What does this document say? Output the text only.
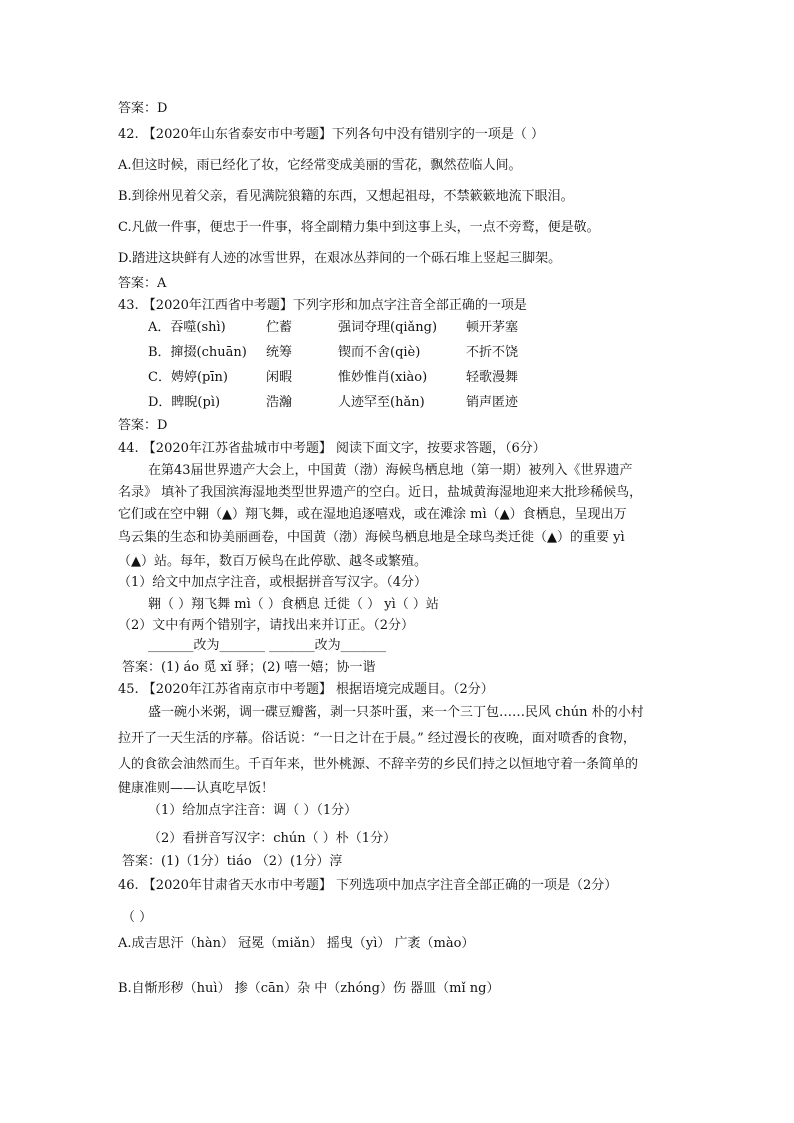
答案：D
42. 【2020年山东省泰安市中考题】下列各句中没有错别字的一项是（ ）
A.但这时候，雨已经化了妆，它经常变成美丽的雪花，飘然莅临人间。
B.到徐州见着父亲，看见满院狼籍的东西，又想起祖母，不禁簌簌地流下眼泪。
C.凡做一件事，便忠于一件事，将全副精力集中到这事上头，一点不旁鹜，便是敬。
D.踏进这块鲜有人迹的冰雪世界，在艰冰丛莽间的一个砾石堆上竖起三脚架。
答案：A
43. 【2020年江西省中考题】下列字形和加点字注音全部正确的一项是
A．吞噬(shì)	伫蓄	强词夺理(qiǎng) 顿开茅塞
B．撺掇(chuān) 统筹	锲而不舍(qiè)	不折不饶
C．娉婷(pīn)	闲暇	惟妙惟肖(xiào)	轻歌漫舞
D．睥睨(pì)	浩瀚	人迹罕至(hǎn)	销声匿迹
答案：D
44. 【2020年江苏省盐城市中考题】 阅读下面文字，按要求答题，（6分）
在第43届世界遗产大会上，中国黄（渤）海候鸟栖息地（第一期）被列入《世界遗产
名录》 填补了我国滨海湿地类型世界遗产的空白。近日，盐城黄海湿地迎来大批珍稀候鸟，
它们或在空中翱（▲）翔飞舞，或在湿地追逐嘻戏，或在滩涂 mì（▲）食栖息，呈现出万
鸟云集的生态和协美丽画卷，中国黄（渤）海候鸟栖息地是全球鸟类迁徙（▲）的重要 yì
（▲）站。每年，数百万候鸟在此停歇、越冬或繁殖。
（1）给文中加点字注音，或根据拼音写汉字。（4分）
翱（ ）翔飞舞 mì（ ）食栖息 迁徙（ ） yì（ ）站
（2）文中有两个错别字，请找出来并订正。（2分）
_______改为_______ _______改为_______
答案：(1) áo 觅 xǐ 驿；(2) 嘻一嬉；协一谐
45. 【2020年江苏省南京市中考题】 根据语境完成题目。（2分）
盛一碗小米粥，调一碟豆瓣酱，剥一只茶叶蛋，来一个三丁包……民风 chún 朴的小村
拉开了一天生活的序幕。俗话说：“一日之计在于晨。” 经过漫长的夜晚，面对喷香的食物，
人的食欲会油然而生。千百年来，世外桃源、不辞辛劳的乡民们持之以恒地守着一条简单的
健康准则——认真吃早饭！
（1）给加点字注音：调（ ）（1分）
（2）看拼音写汉字：chún（ ）朴（1分）
答案：(1)（1分）tiáo （2）(1分）淳
46. 【2020年甘肃省天水市中考题】 下列选项中加点字注音全部正确的一项是（2分）
（ ）
A.成吉思汗（hàn） 冠冕（miǎn） 摇曳（yì） 广袤（mào）
B.自惭形秽（huì） 掺（cān）杂 中（zhóng）伤 器皿（mǐ ng）
